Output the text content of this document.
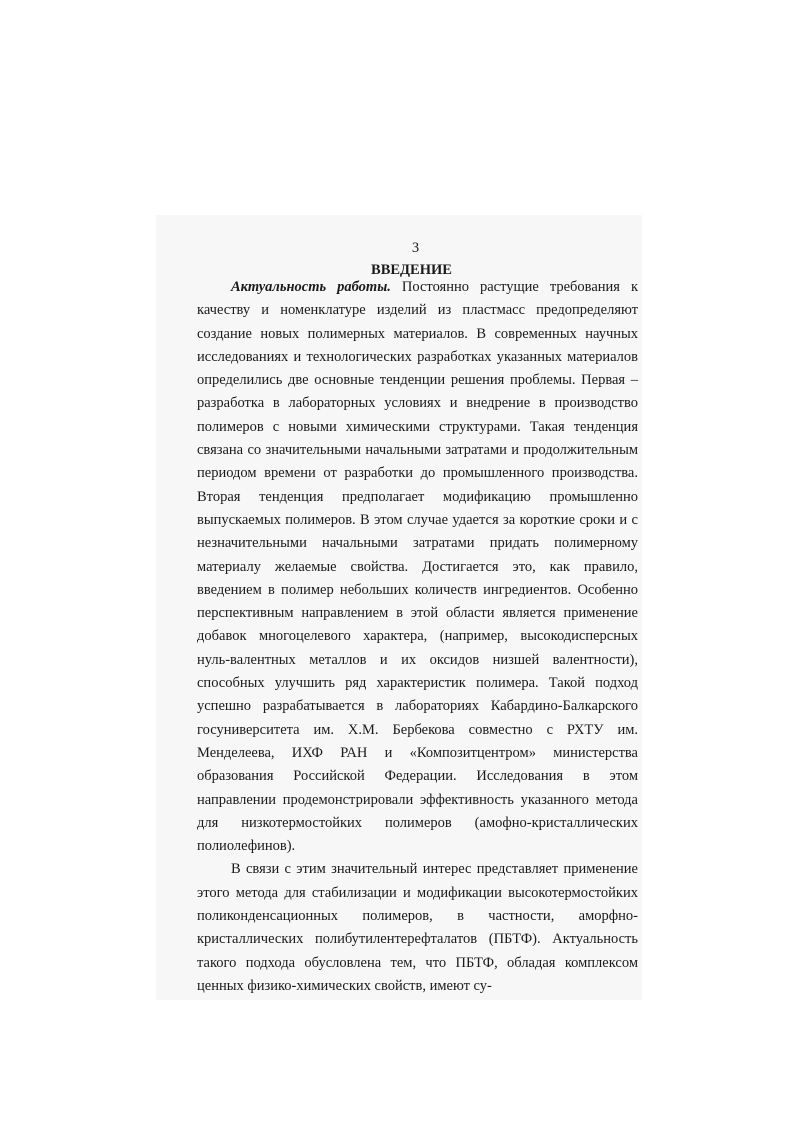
3
ВВЕДЕНИЕ

Актуальность работы. Постоянно растущие требования к качеству и номенклатуре изделий из пластмасс предопределяют создание новых полимерных материалов. В современных научных исследованиях и технологических разработках указанных материалов определились две основные тенденции решения проблемы. Первая – разработка в лабораторных условиях и внедрение в производство полимеров с новыми химическими структурами. Такая тенденция связана со значительными начальными затратами и продолжительным периодом времени от разработки до промышленного производства. Вторая тенденция предполагает модификацию промышленно выпускаемых полимеров. В этом случае удается за короткие сроки и с незначительными начальными затратами придать полимерному материалу желаемые свойства. Достигается это, как правило, введением в полимер небольших количеств ингредиентов. Особенно перспективным направлением в этой области является применение добавок многоцелевого характера, (например, высокодисперсных нуль-валентных металлов и их оксидов низшей валентности), способных улучшить ряд характеристик полимера. Такой подход успешно разрабатывается в лабораториях Кабардино-Балкарского госуниверситета им. Х.М. Бербекова совместно с РХТУ им. Менделеева, ИХФ РАН и «Композитцентром» министерства образования Российской Федерации. Исследования в этом направлении продемонстрировали эффективность указанного метода для низкотермостойких полимеров (амофно-кристаллических полиолефинов).

В связи с этим значительный интерес представляет применение этого метода для стабилизации и модификации высокотермостойких поликонденсационных полимеров, в частности, аморфно-кристаллических полибутилентерефталатов (ПБТФ). Актуальность такого подхода обусловлена тем, что ПБТФ, обладая комплексом ценных физико-химических свойств, имеют су-
